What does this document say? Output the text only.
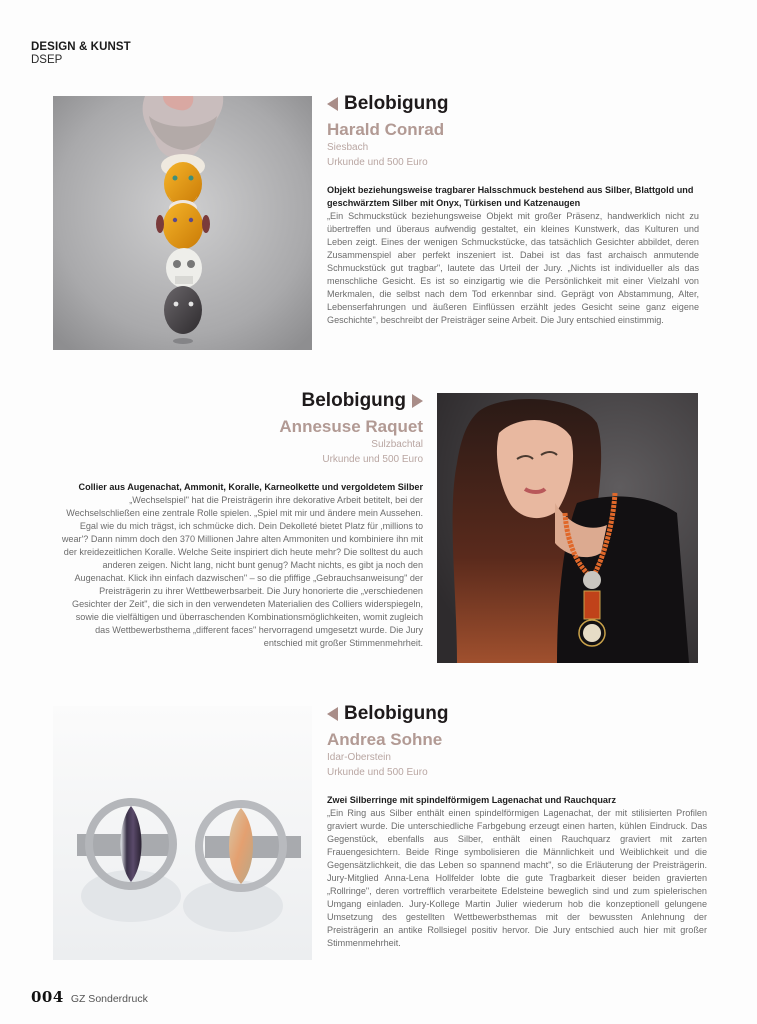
DESIGN & KUNST
DSEP
Belobigung
Harald Conrad
Siesbach
Urkunde und 500 Euro
Objekt beziehungsweise tragbarer Halsschmuck bestehend aus Silber, Blattgold und geschwärztem Silber mit Onyx, Türkisen und Katzenaugen
„Ein Schmuckstück beziehungsweise Objekt mit großer Präsenz, handwerklich nicht zu übertreffen und überaus aufwendig gestaltet, ein kleines Kunstwerk, das Kulturen und Leben zeigt. Eines der wenigen Schmuckstücke, das tatsächlich Gesichter abbildet, deren Zusammenspiel aber perfekt inszeniert ist. Dabei ist das fast archaisch anmutende Schmuckstück gut tragbar", lautete das Urteil der Jury. „Nichts ist individueller als das menschliche Gesicht. Es ist so einzigartig wie die Persönlichkeit mit einer Vielzahl von Merkmalen, die selbst nach dem Tod erkennbar sind. Geprägt von Abstammung, Alter, Lebenserfahrungen und äußeren Einflüssen erzählt jedes Gesicht seine ganz eigene Geschichte", beschreibt der Preisträger seine Arbeit. Die Jury entschied einstimmig.
Belobigung
Annesuse Raquet
Sulzbachtal
Urkunde und 500 Euro
Collier aus Augenachat, Ammonit, Koralle, Karneolkette und vergoldetem Silber
„Wechselspiel" hat die Preisträgerin ihre dekorative Arbeit betitelt, bei der Wechselschließen eine zentrale Rolle spielen. „Spiel mit mir und ändere mein Aussehen. Egal wie du mich trägst, ich schmücke dich. Dein Dekolleté bietet Platz für ‚millions to wear'? Dann nimm doch den 370 Millionen Jahre alten Ammoniten und kombiniere ihn mit der kreidezeitlichen Koralle. Welche Seite inspiriert dich heute mehr? Die solltest du auch anderen zeigen. Nicht lang, nicht bunt genug? Macht nichts, es gibt ja noch den Augenachat. Klick ihn einfach dazwischen" – so die pfiffige „Gebrauchsanweisung" der Preisträgerin zu ihrer Wettbewerbsarbeit. Die Jury honorierte die „verschiedenen Gesichter der Zeit", die sich in den verwendeten Materialien des Colliers widerspiegeln, sowie die vielfältigen und überraschenden Kombinationsmöglichkeiten, womit zugleich das Wettbewerbsthema „different faces" hervorragend umgesetzt wurde. Die Jury entschied mit großer Stimmenmehrheit.
Belobigung
Andrea Sohne
Idar-Oberstein
Urkunde und 500 Euro
Zwei Silberringe mit spindelförmigem Lagenachat und Rauchquarz
„Ein Ring aus Silber enthält einen spindelförmigen Lagenachat, der mit stilisierten Profilen graviert wurde. Die unterschiedliche Farbgebung erzeugt einen harten, kühlen Eindruck. Das Gegenstück, ebenfalls aus Silber, enthält einen Rauchquarz graviert mit zarten Frauengesichtern. Beide Ringe symbolisieren die Männlichkeit und Weiblichkeit und die Gegensätzlichkeit, die das Leben so spannend macht", so die Erläuterung der Preisträgerin. Jury-Mitglied Anna-Lena Hollfelder lobte die gute Tragbarkeit dieser beiden gravierten „Rollringe", deren vortrefflich verarbeitete Edelsteine beweglich sind und zum spielerischen Umgang einladen. Jury-Kollege Martin Julier wiederum hob die konzeptionell gelungene Umsetzung des gestellten Wettbewerbsthemas mit der bewussten Anlehnung der Preisträgerin an antike Rollsiegel positiv hervor. Die Jury entschied auch hier mit großer Stimmenmehrheit.
004 GZ Sonderdruck
